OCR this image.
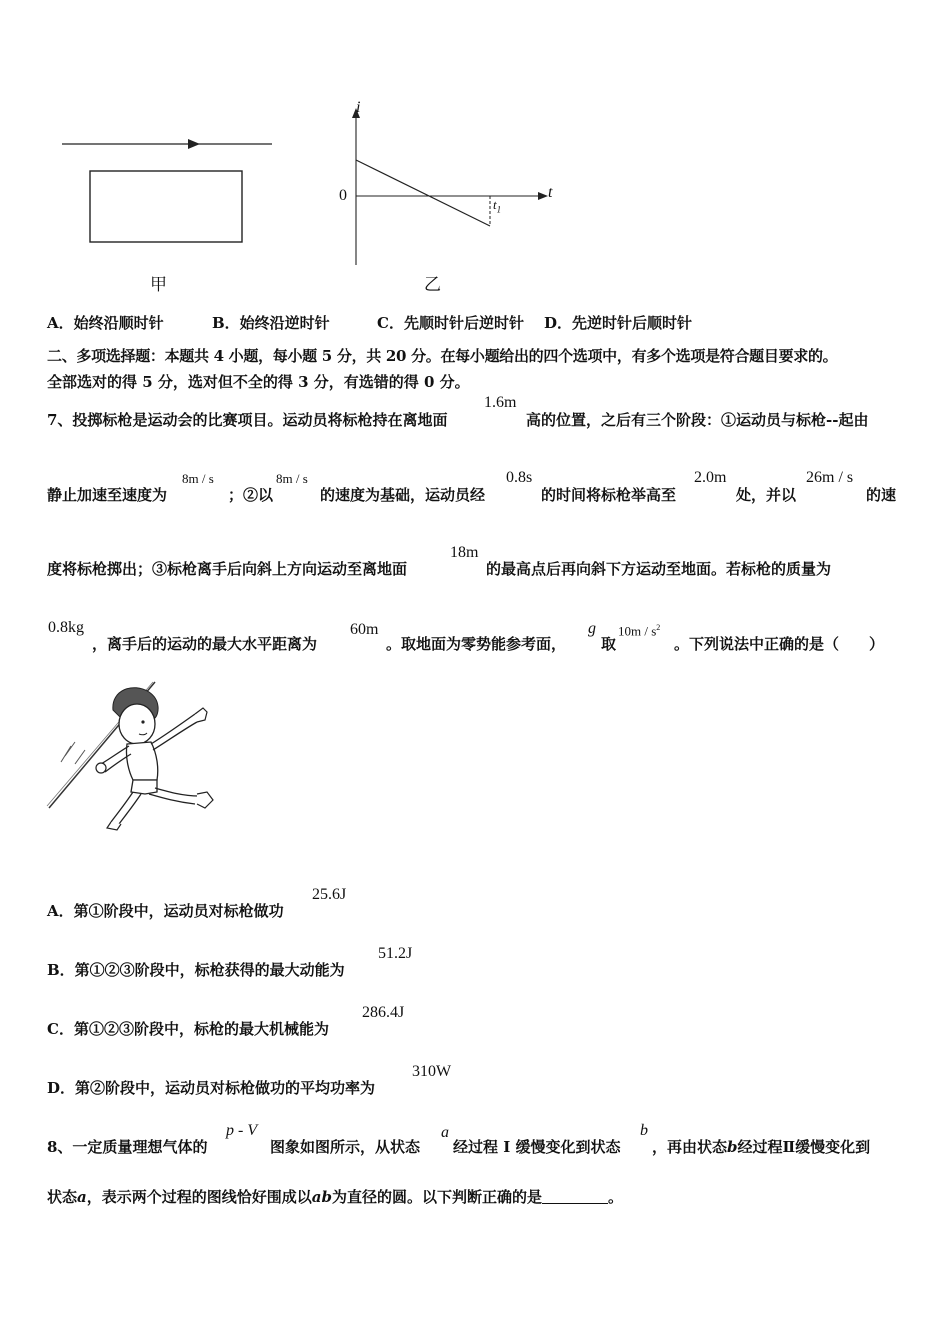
甲
i
t
0
$t_1$
乙
A．始终沿顺时针	B．始终沿逆时针	C．先顺时针后逆时针 D．先逆时针后顺时针
二、多项选择题：本题共 4 小题，每小题 5 分，共 20 分。在每小题给出的四个选项中，有多个选项是符合题目要求的。
全部选对的得 5 分，选对但不全的得 3 分，有选错的得 0 分。
7、投掷标枪是运动会的比赛项目。运动员将标枪持在离地面
1.6m
高的位置，之后有三个阶段：①运动员与标枪--起由
静止加速至速度为
8m / s
；②以
8m / s
的速度为基础，运动员经
0.8s
的时间将标枪举高至
2.0m
处，并以
26m / s
的速
度将标枪掷出；③标枪离手后向斜上方向运动至离地面
18m
的最高点后再向斜下方运动至地面。若标枪的质量为
0.8kg
，离手后的运动的最大水平距离为
60m
。取地面为零势能参考面，
g
取
$10m / s^2$
。下列说法中正确的是（　　）
A．第①阶段中，运动员对标枪做功
25.6J
B．第①②③阶段中，标枪获得的最大动能为
51.2J
C．第①②③阶段中，标枪的最大机械能为
286.4J
D．第②阶段中，运动员对标枪做功的平均功率为
310W
8、一定质量理想气体的
p - V
图象如图所示，从状态
a
经过程 I 缓慢变化到状态
b
，再由状态b经过程Ⅱ缓慢变化到
状态a，表示两个过程的图线恰好围成以ab为直径的圆。以下判断正确的是	。
